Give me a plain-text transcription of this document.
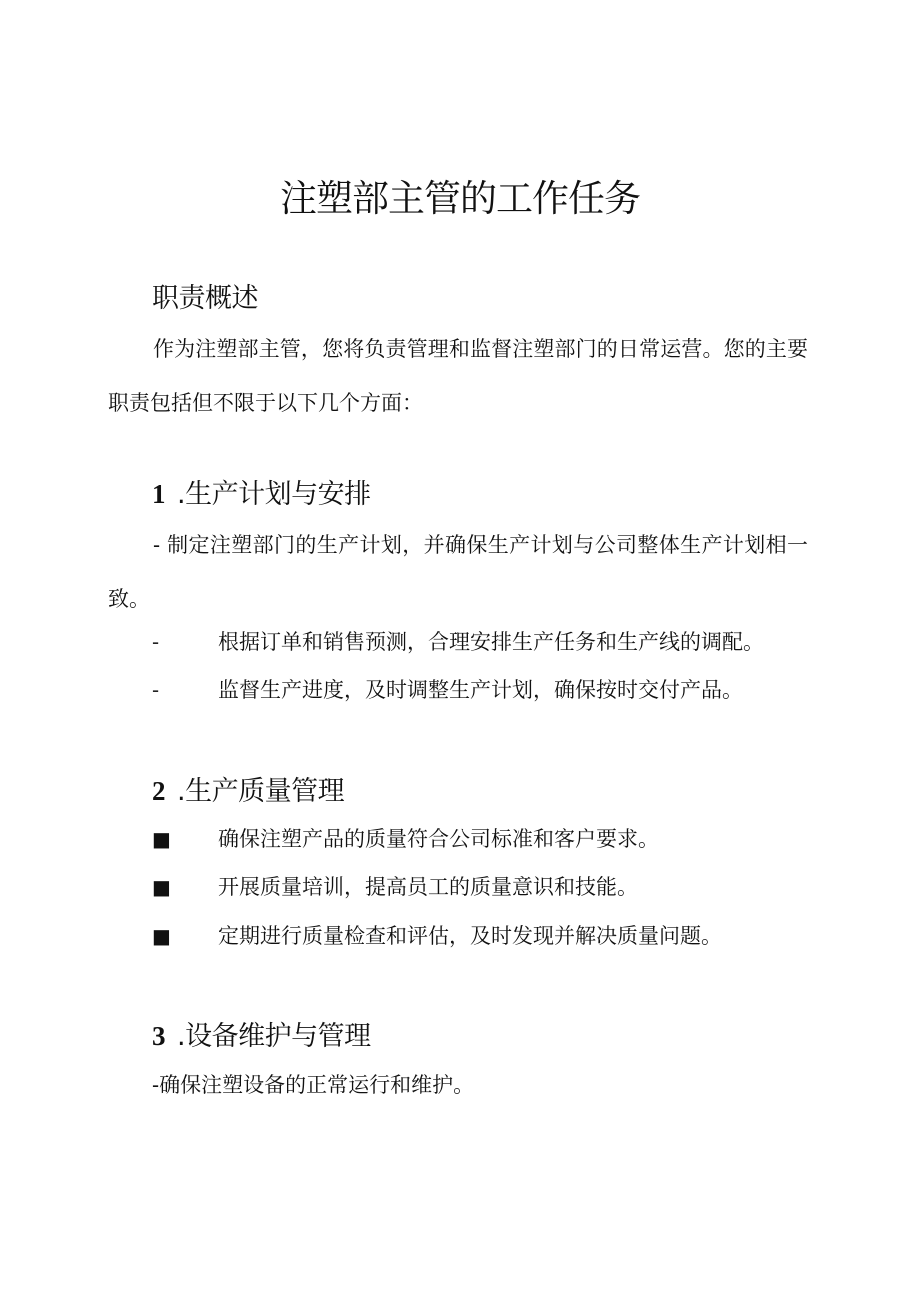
注塑部主管的工作任务
职责概述

作为注塑部主管，您将负责管理和监督注塑部门的日常运营。您的主要职责包括但不限于以下几个方面：

1 .生产计划与安排

- 制定注塑部门的生产计划，并确保生产计划与公司整体生产计划相一致。

-	根据订单和销售预测，合理安排生产任务和生产线的调配。
-	监督生产进度，及时调整生产计划，确保按时交付产品。
2 .生产质量管理
■ 确保注塑产品的质量符合公司标准和客户要求。
■ 开展质量培训，提高员工的质量意识和技能。
■ 定期进行质量检查和评估，及时发现并解决质量问题。
3 .设备维护与管理
-确保注塑设备的正常运行和维护。
